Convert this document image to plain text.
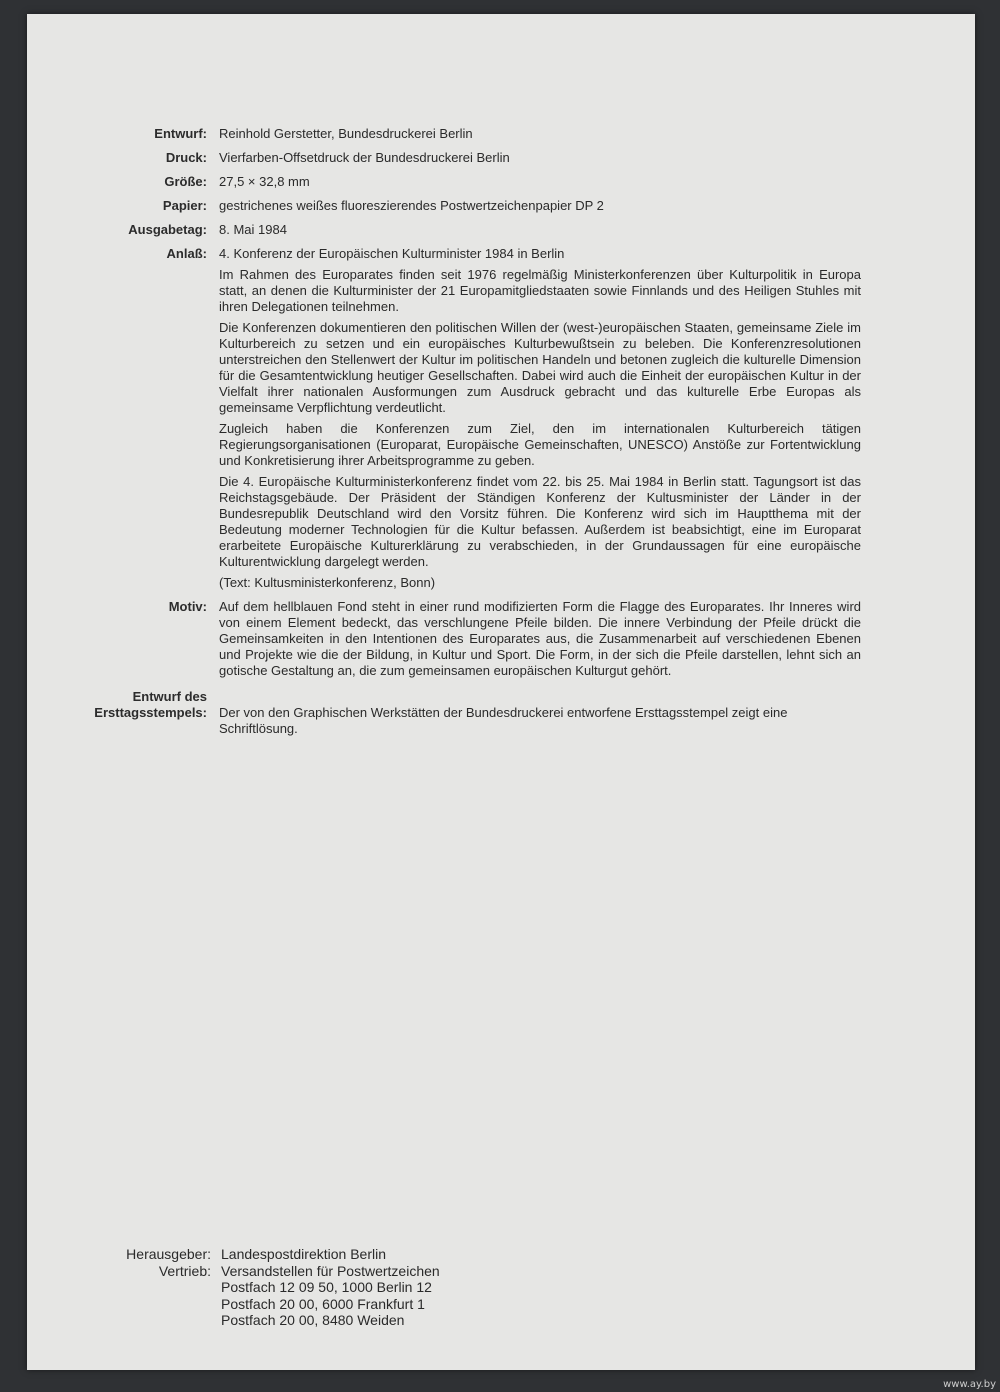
Entwurf: Reinhold Gerstetter, Bundesdruckerei Berlin
Druck: Vierfarben-Offsetdruck der Bundesdruckerei Berlin
Größe: 27,5 × 32,8 mm
Papier: gestrichenes weißes fluoreszierendes Postwertzeichenpapier DP 2
Ausgabetag: 8. Mai 1984
Anlaß: 4. Konferenz der Europäischen Kulturminister 1984 in Berlin

Im Rahmen des Europarates finden seit 1976 regelmäßig Ministerkonferenzen über Kulturpolitik in Europa statt, an denen die Kulturminister der 21 Europamitgliedstaaten sowie Finnlands und des Heiligen Stuhles mit ihren Delegationen teilnehmen.

Die Konferenzen dokumentieren den politischen Willen der (west-)europäischen Staaten, gemeinsame Ziele im Kulturbereich zu setzen und ein europäisches Kulturbewußtsein zu beleben. Die Konferenzresolutionen unterstreichen den Stellenwert der Kultur im politischen Handeln und betonen zugleich die kulturelle Dimension für die Gesamtentwicklung heutiger Gesellschaften. Dabei wird auch die Einheit der europäischen Kultur in der Vielfalt ihrer nationalen Ausformungen zum Ausdruck gebracht und das kulturelle Erbe Europas als gemeinsame Verpflichtung verdeutlicht.

Zugleich haben die Konferenzen zum Ziel, den im internationalen Kulturbereich tätigen Regierungsorganisationen (Europarat, Europäische Gemeinschaften, UNESCO) Anstöße zur Fortentwicklung und Konkretisierung ihrer Arbeitsprogramme zu geben.

Die 4. Europäische Kulturministerkonferenz findet vom 22. bis 25. Mai 1984 in Berlin statt. Tagungsort ist das Reichstagsgebäude. Der Präsident der Ständigen Konferenz der Kultusminister der Länder in der Bundesrepublik Deutschland wird den Vorsitz führen. Die Konferenz wird sich im Hauptthema mit der Bedeutung moderner Technologien für die Kultur befassen. Außerdem ist beabsichtigt, eine im Europarat erarbeitete Europäische Kulturerklärung zu verabschieden, in der Grundaussagen für eine europäische Kulturentwicklung dargelegt werden.

(Text: Kultusministerkonferenz, Bonn)

Motiv: Auf dem hellblauen Fond steht in einer rund modifizierten Form die Flagge des Europarates. Ihr Inneres wird von einem Element bedeckt, das verschlungene Pfeile bilden. Die innere Verbindung der Pfeile drückt die Gemeinsamkeiten in den Intentionen des Europarates aus, die Zusammenarbeit auf verschiedenen Ebenen und Projekte wie die der Bildung, in Kultur und Sport. Die Form, in der sich die Pfeile darstellen, lehnt sich an gotische Gestaltung an, die zum gemeinsamen europäischen Kulturgut gehört.

Entwurf des
Ersttagsstempels: Der von den Graphischen Werkstätten der Bundesdruckerei entworfene Ersttagsstempel zeigt eine Schriftlösung.

Herausgeber: Landespostdirektion Berlin
Vertrieb: Versandstellen für Postwertzeichen
Postfach 12 09 50, 1000 Berlin 12
Postfach 20 00, 6000 Frankfurt 1
Postfach 20 00, 8480 Weiden
www.ay.by
